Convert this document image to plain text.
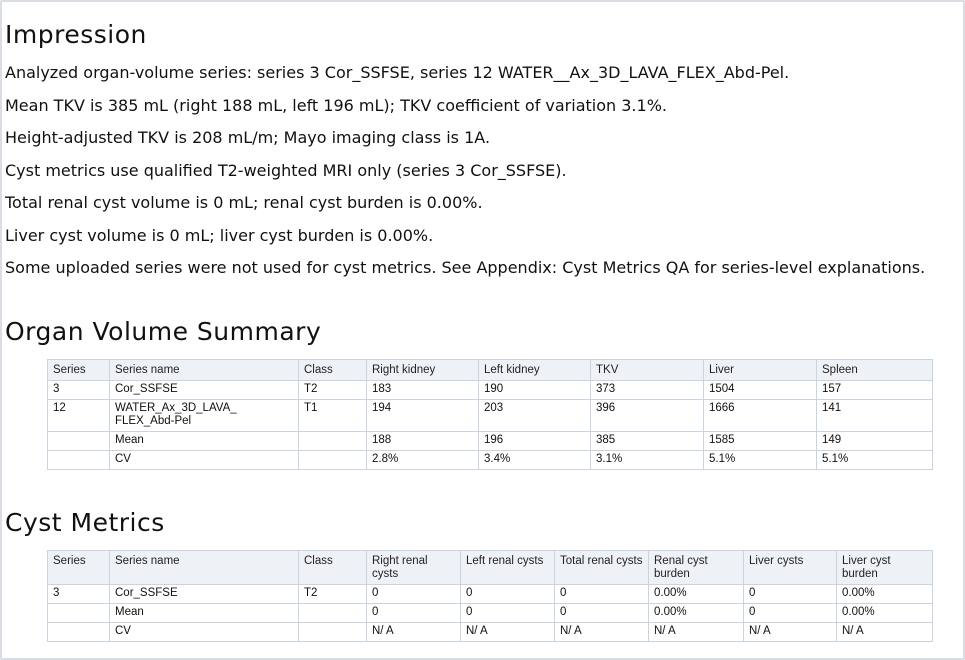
Impression

Analyzed organ-volume series: series 3 Cor_SSFSE, series 12 WATER__Ax_3D_LAVA_FLEX_Abd-Pel.

Mean TKV is 385 mL (right 188 mL, left 196 mL); TKV coefficient of variation 3.1%.

Height-adjusted TKV is 208 mL/m; Mayo imaging class is 1A.

Cyst metrics use qualified T2-weighted MRI only (series 3 Cor_SSFSE).

Total renal cyst volume is 0 mL; renal cyst burden is 0.00%.

Liver cyst volume is 0 mL; liver cyst burden is 0.00%.

Some uploaded series were not used for cyst metrics. See Appendix: Cyst Metrics QA for series-level explanations.

Organ Volume Summary
Series	Series name	Class	Right kidney	Left kidney	TKV	Liver	Spleen
3	Cor_SSFSE	T2	183	190	373	1504	157
12	WATER_Ax_3D_LAVA_ FLEX_Abd-Pel	T1	194	203	396	1666	141
	Mean		188	196	385	1585	149
	CV		2.8%	3.4%	3.1%	5.1%	5.1%
Cyst Metrics
Series	Series name	Class	Right renal cysts	Left renal cysts	Total renal cysts	Renal cyst burden	Liver cysts	Liver cyst burden
3	Cor_SSFSE	T2	0	0	0	0.00%	0	0.00%
	Mean		0	0	0	0.00%	0	0.00%
	CV		N/ A	N/ A	N/ A	N/ A	N/ A	N/ A
